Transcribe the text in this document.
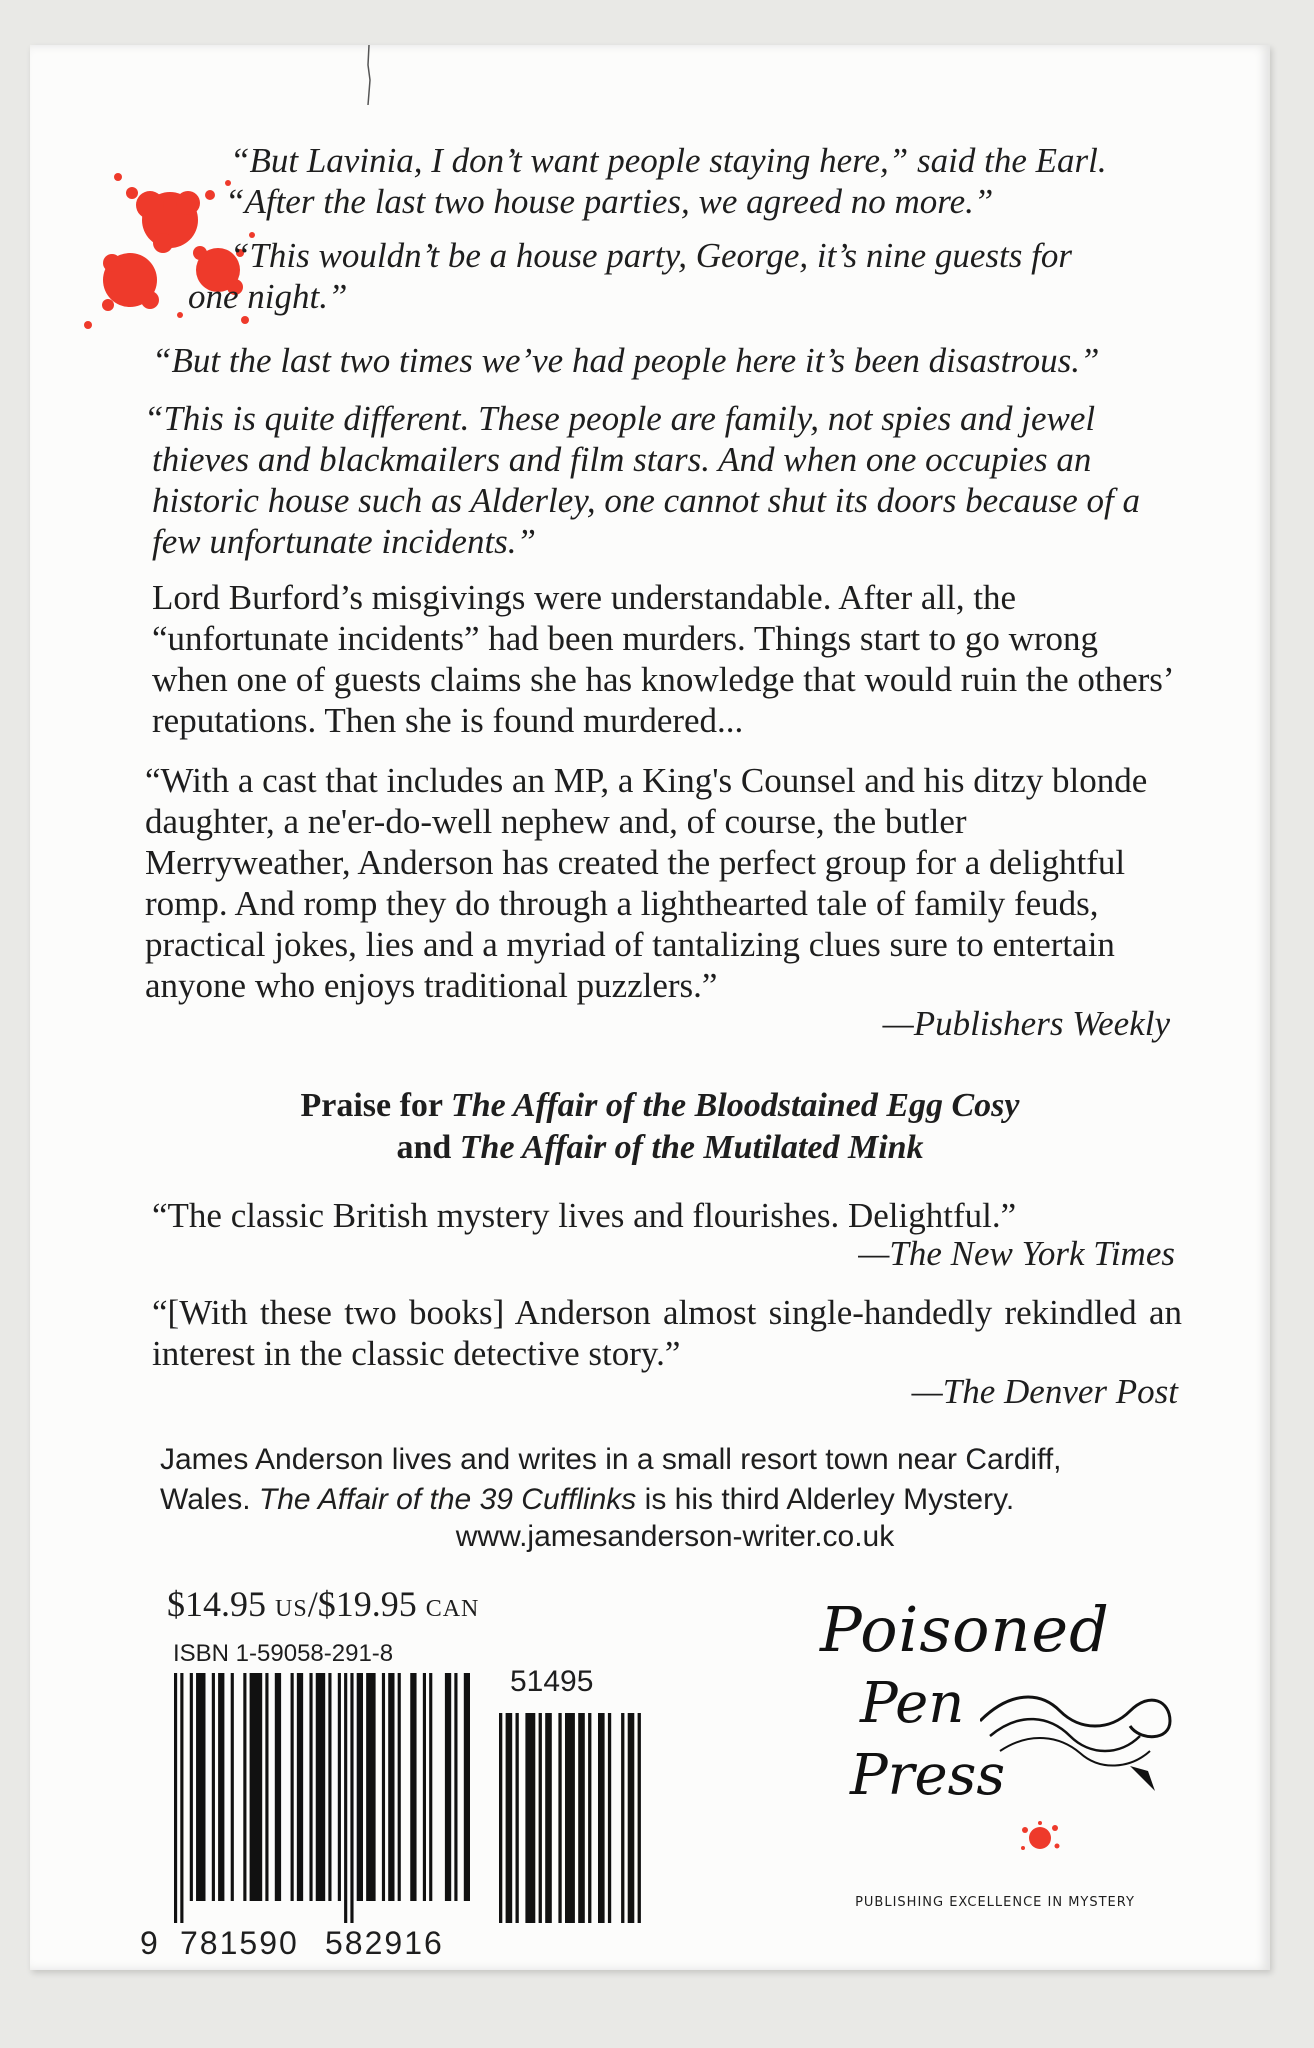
“But Lavinia, I don’t want people staying here,” said the Earl.
“After the last two house parties, we agreed no more.”
“This wouldn’t be a house party, George, it’s nine guests for
one night.”
“But the last two times we’ve had people here it’s been disastrous.”
“This is quite different. These people are family, not spies and jewel thieves and blackmailers and film stars. And when one occupies an historic house such as Alderley, one cannot shut its doors because of a few unfortunate incidents.”
Lord Burford’s misgivings were understandable. After all, the “unfortunate incidents” had been murders. Things start to go wrong when one of guests claims she has knowledge that would ruin the others’ reputations. Then she is found murdered...
“With a cast that includes an MP, a King's Counsel and his ditzy blonde daughter, a ne'er-do-well nephew and, of course, the butler Merryweather, Anderson has created the perfect group for a delightful romp. And romp they do through a lighthearted tale of family feuds, practical jokes, lies and a myriad of tantalizing clues sure to entertain anyone who enjoys traditional puzzlers.”
—Publishers Weekly
Praise for The Affair of the Bloodstained Egg Cosy
and The Affair of the Mutilated Mink
“The classic British mystery lives and flourishes. Delightful.”
—The New York Times
“[With these two books] Anderson almost single-handedly rekindled an interest in the classic detective story.”
—The Denver Post
James Anderson lives and writes in a small resort town near Cardiff,
Wales. The Affair of the 39 Cufflinks is his third Alderley Mystery.
www.jamesanderson-writer.co.uk
$14.95 US/$19.95 CAN
ISBN 1-59058-291-8
9 781590 582916
51495
Poisoned
Pen
Press
PUBLISHING EXCELLENCE IN MYSTERY
